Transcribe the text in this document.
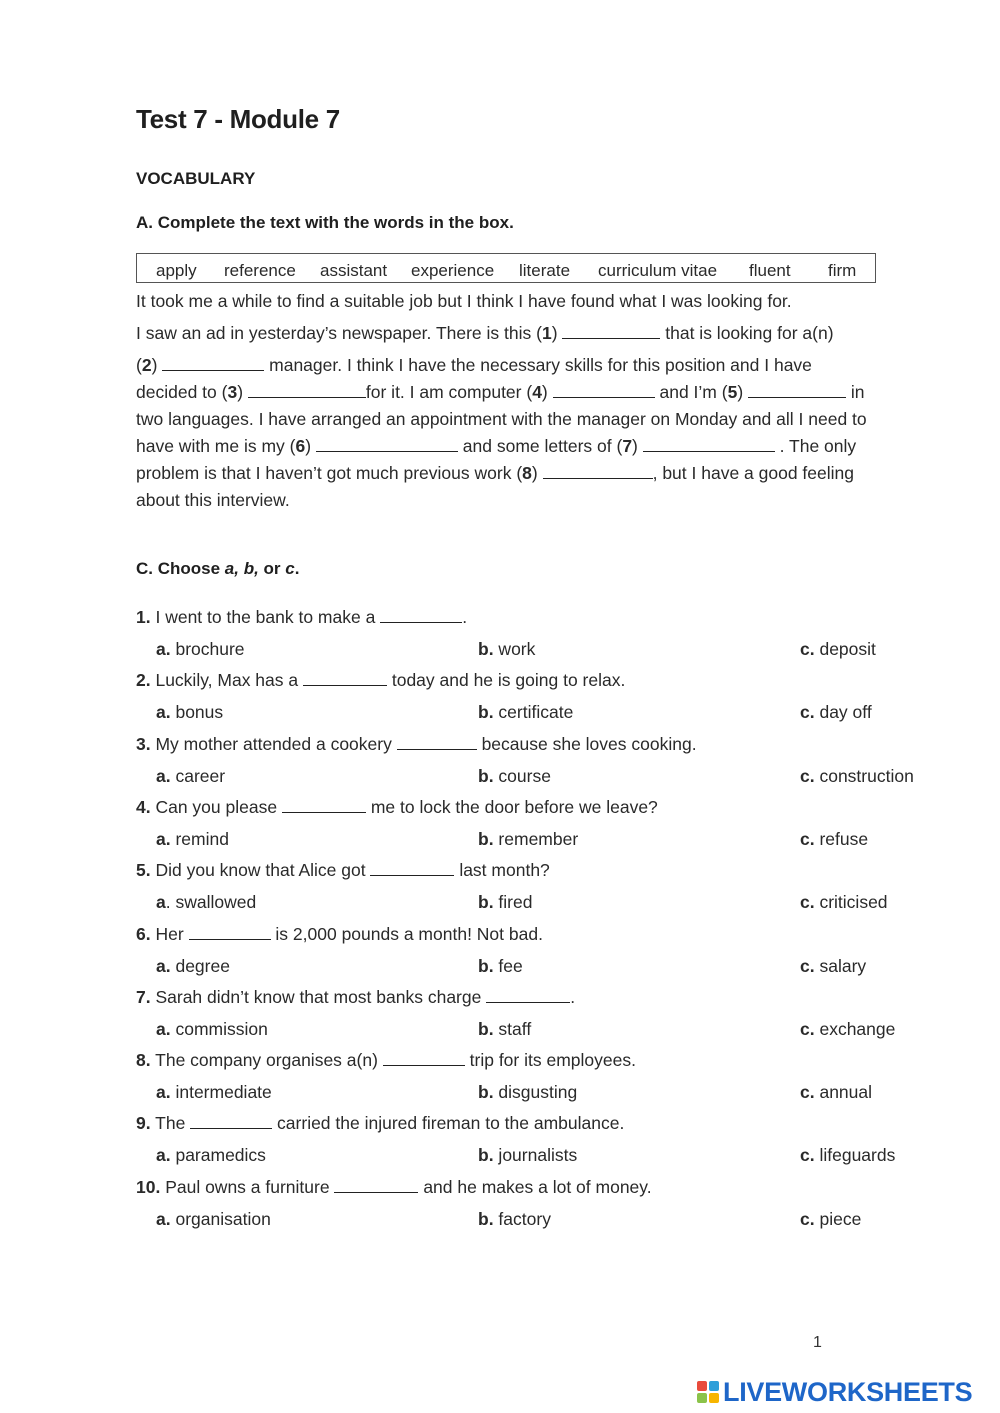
Test 7 - Module 7
VOCABULARY
A. Complete the text with the words in the box.
apply reference assistant experience literate curriculum vitae fluent firm
It took me a while to find a suitable job but I think I have found what I was looking for.
I saw an ad in yesterday’s newspaper. There is this (1)	that is looking for a(n)
(2)	manager. I think I have the necessary skills for this position and I have
decided to (3)	for it. I am computer (4)	and I’m (5)	in
two languages. I have arranged an appointment with the manager on Monday and all I need to
have with me is my (6)	and some letters of (7)	. The only
problem is that I haven’t got much previous work (8)	, but I have a good feeling
about this interview.
C. Choose a, b, or c.
1. I went to the bank to make a	.
a. brochure	b. work	c. deposit
2. Luckily, Max has a	today and he is going to relax.
a. bonus	b. certificate	c. day off
3. My mother attended a cookery	because she loves cooking.
a. career	b. course	c. construction
4. Can you please	me to lock the door before we leave?
a. remind	b. remember	c. refuse
5. Did you know that Alice got	last month?
a. swallowed	b. fired	c. criticised
6. Her	is 2,000 pounds a month! Not bad.
a. degree	b. fee	c. salary
7. Sarah didn’t know that most banks charge	.
a. commission	b. staff	c. exchange
8. The company organises a(n)	trip for its employees.
a. intermediate	b. disgusting	c. annual
9. The	carried the injured fireman to the ambulance.
a. paramedics	b. journalists	c. lifeguards
10. Paul owns a furniture	and he makes a lot of money.
a. organisation	b. factory	c. piece
1
LIVEWORKSHEETS
